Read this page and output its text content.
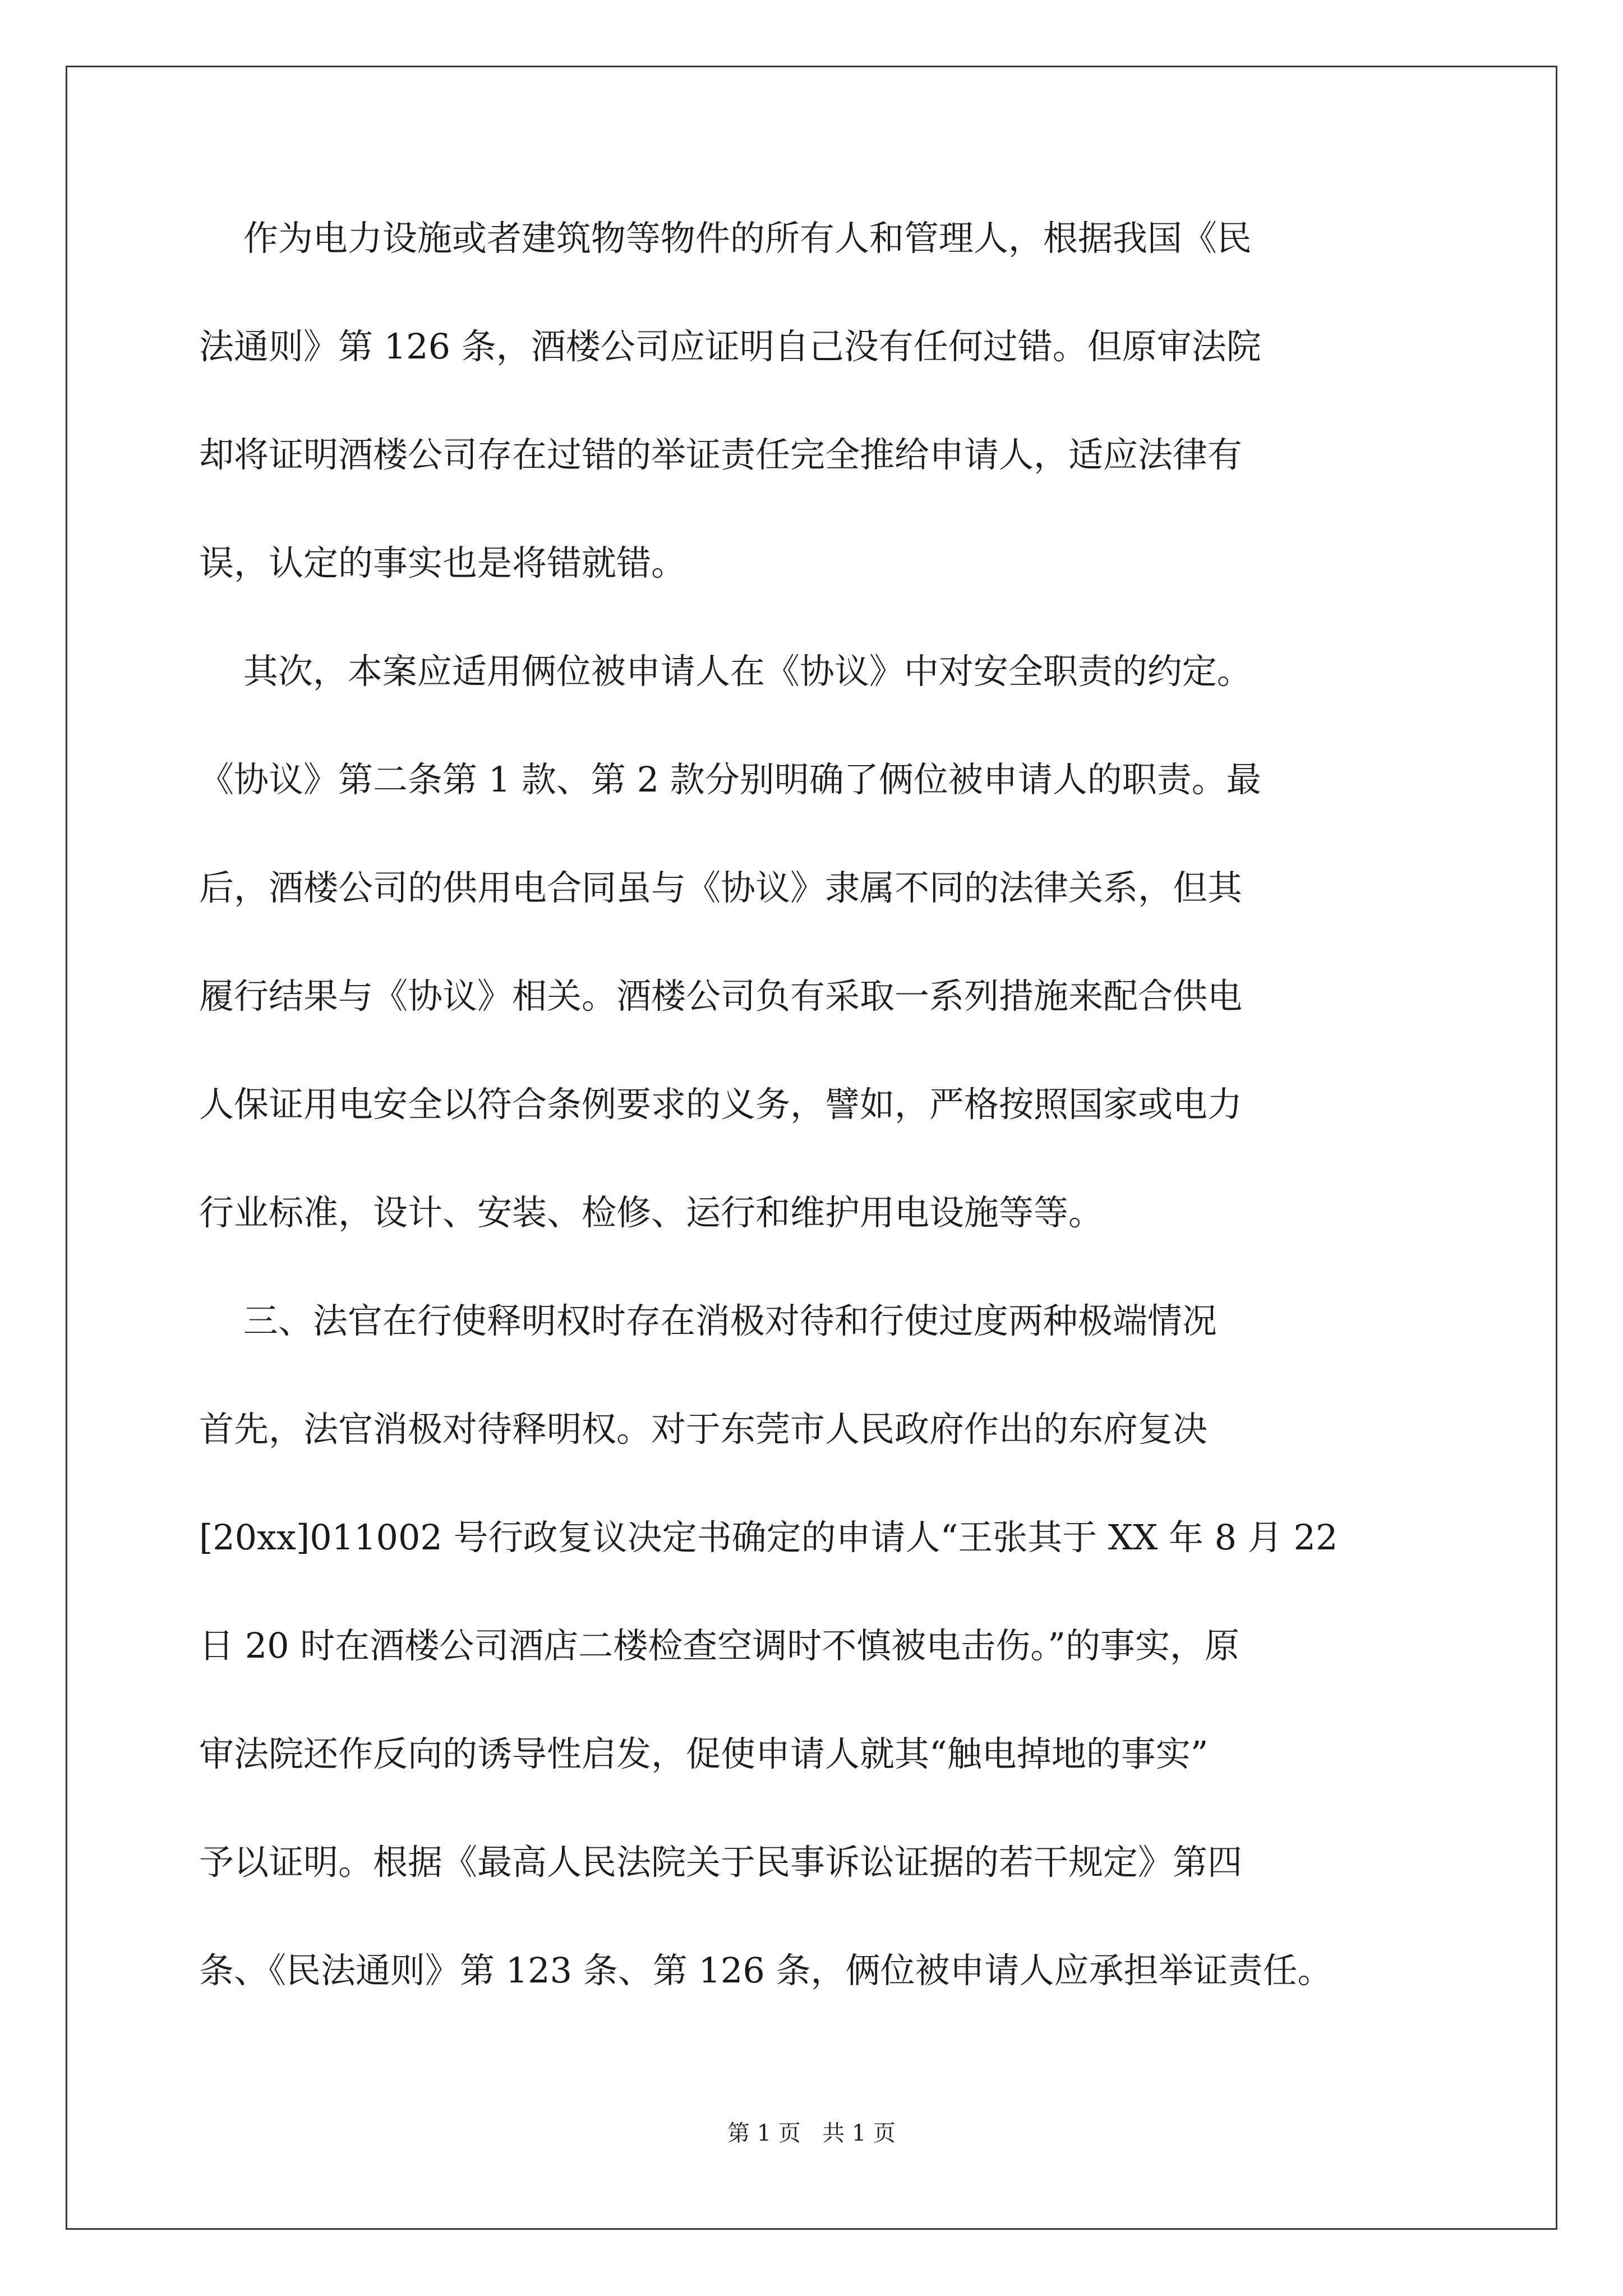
作为电力设施或者建筑物等物件的所有人和管理人，根据我国《民
法通则》第 126 条，酒楼公司应证明自己没有任何过错。但原审法院
却将证明酒楼公司存在过错的举证责任完全推给申请人，适应法律有
误，认定的事实也是将错就错。
其次，本案应适用俩位被申请人在《协议》中对安全职责的约定。
《协议》第二条第 1 款、第 2 款分别明确了俩位被申请人的职责。最
后，酒楼公司的供用电合同虽与《协议》隶属不同的法律关系，但其
履行结果与《协议》相关。酒楼公司负有采取一系列措施来配合供电
人保证用电安全以符合条例要求的义务，譬如，严格按照国家或电力
行业标准，设计、安装、检修、运行和维护用电设施等等。
三、法官在行使释明权时存在消极对待和行使过度两种极端情况
首先，法官消极对待释明权。对于东莞市人民政府作出的东府复决
[20xx]011002 号行政复议决定书确定的申请人“王张其于 XX 年 8 月 22
日 20 时在酒楼公司酒店二楼检查空调时不慎被电击伤。”的事实，原
审法院还作反向的诱导性启发，促使申请人就其“触电掉地的事实”
予以证明。根据《最高人民法院关于民事诉讼证据的若干规定》第四
条、《民法通则》第 123 条、第 126 条，俩位被申请人应承担举证责任。
第 1 页   共 1 页
